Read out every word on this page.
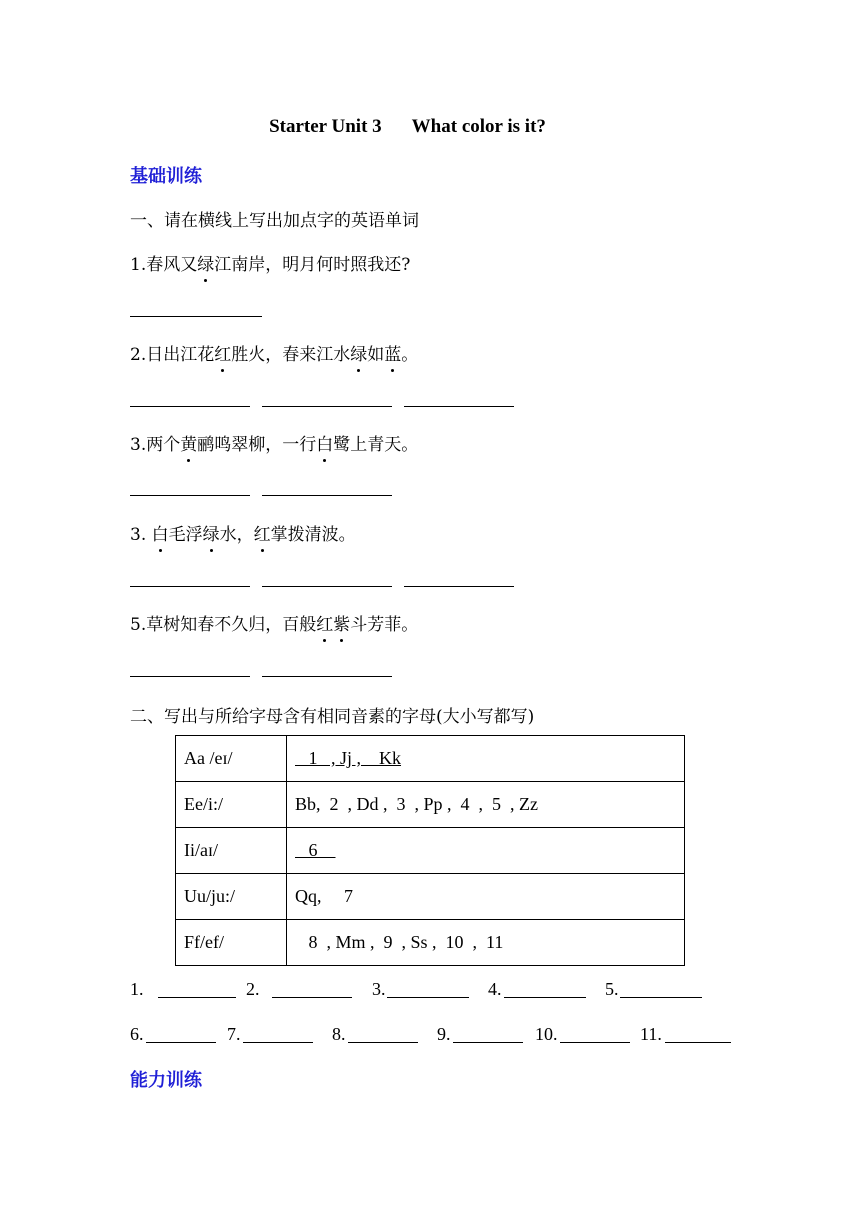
Starter Unit 3 What color is it?
基础训练
一、请在横线上写出加点字的英语单词
1.春风又绿江南岸，明月何时照我还?
2.日出江花红胜火，春来江水绿如蓝。
3.两个黄鹂鸣翠柳，一行白鹭上青天。
3. 白毛浮绿水，红掌拨清波。
5.草树知春不久归，百般红紫斗芳菲。
二、写出与所给字母含有相同音素的字母(大小写都写)
Aa /eɪ/	1   , Jj ,    Kk
Ee/i:/	Bb,  2  , Dd ,  3  , Pp ,  4  ,  5  , Zz
Ii/aɪ/	6
Uu/ju:/	Qq,     7
Ff/ef/	8  , Mm ,  9  , Ss ,  10  ,  11
1.	2.	3.	4.	5.
6.	7.	8.	9.	10.	11.
能力训练
